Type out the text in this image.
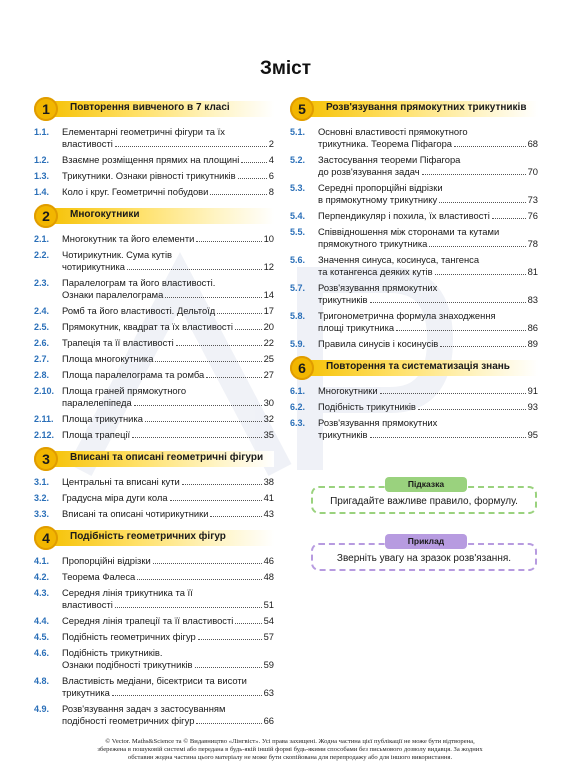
Зміст
1	Повторення вивченого в 7 класі
1.1.	Елементарні геометричні фігури та їх
властивості	2
1.2.	Взаємне розміщення прямих на площині	4
1.3.	Трикутники. Ознаки рівності трикутників	6
1.4.	Коло і круг. Геометричні побудови	8
2	Многокутники
2.1.	Многокутник та його елементи	10
2.2.	Чотирикутник. Сума кутів
чотирикутника	12
2.3.	Паралелограм та його властивості.
Ознаки паралелограма	14
2.4.	Ромб та його властивості. Дельтоїд	17
2.5.	Прямокутник, квадрат та їх властивості	20
2.6.	Трапеція та її властивості	22
2.7.	Площа многокутника	25
2.8.	Площа паралелограма та ромба	27
2.10. Площа граней прямокутного
паралелепіпеда	30
2.11. Площа трикутника	32
2.12. Площа трапеції	35
3	Вписані та описані геометричні фігури
3.1.	Центральні та вписані кути	38
3.2.	Градусна міра дуги кола	41
3.3.	Вписані та описані чотирикутники	43
4	Подібність геометричних фігур
4.1.	Пропорційні відрізки	46
4.2.	Теорема Фалеса	48
4.3.	Середня лінія трикутника та її
властивості	51
4.4.	Середня лінія трапеції та її властивості	54
4.5.	Подібність геометричних фігур	57
4.6.	Подібність трикутників.
Ознаки подібності трикутників	59
4.8.	Властивість медіани, бісектриси та висоти
трикутника	63
4.9.	Розв'язування задач з застосуванням
подібності геометричних фігур	66
5	Розв'язування прямокутних трикутників
5.1.	Основні властивості прямокутного
трикутника. Теорема Піфагора	68
5.2.	Застосування теореми Піфагора
до розв'язування задач	70
5.3.	Середні пропорційні відрізки
в прямокутному трикутнику	73
5.4.	Перпендикуляр і похила, їх властивості	76
5.5.	Співвідношення між сторонами та кутами
прямокутного трикутника	78
5.6.	Значення синуса, косинуса, тангенса
та котангенса деяких кутів	81
5.7.	Розв'язування прямокутних
трикутників	83
5.8.	Тригонометрична формула знаходження
площі трикутника	86
5.9.	Правила синусів і косинусів	89
6	Повторення та систематизація знань
6.1.	Многокутники	91
6.2.	Подібність трикутників	93
6.3.	Розв'язування прямокутних
трикутників	95
Підказка
Пригадайте важливе правило, формулу.
Приклад
Зверніть увагу на зразок розв'язання.
© Vector. Maths&Science та © Видавництво «Лінгвіст». Усі права захищені. Жодна частина цієї публікації не може бути відтворена,
збережена в пошуковій системі або передана в будь-якій іншій формі будь-якими способами без письмового дозволу видавця. За жодних
обставин жодна частина цього матеріалу не може бути скопійована для перепродажу або для іншого використання.
